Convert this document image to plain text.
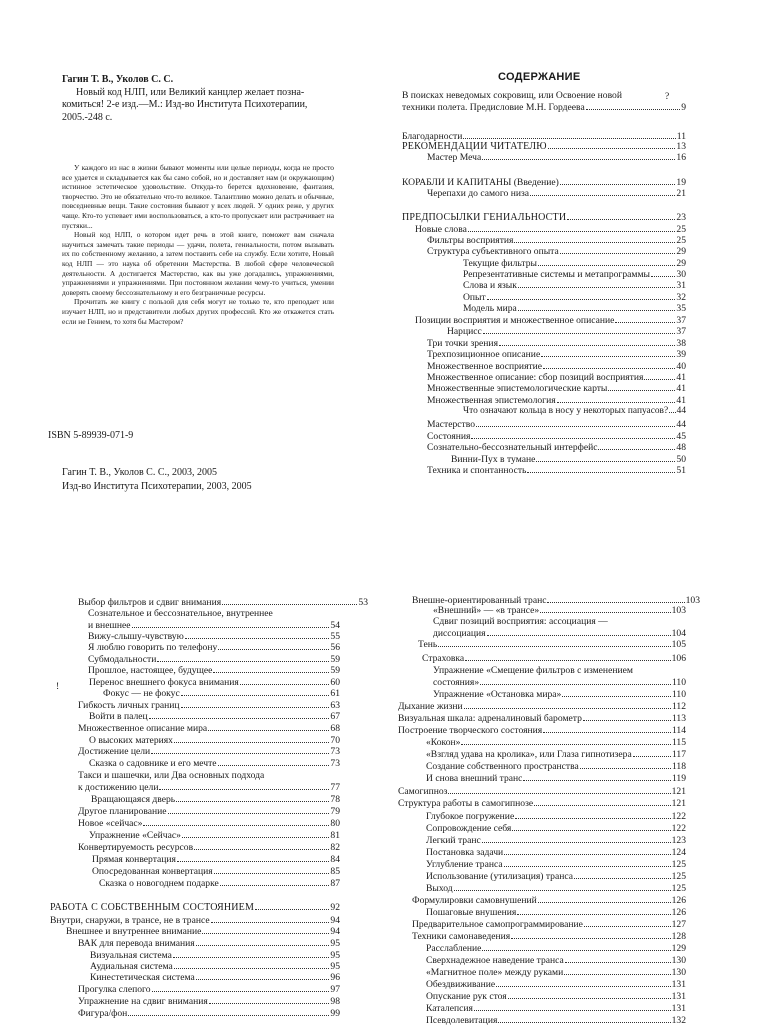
Гагин Т. В., Уколов С. С.

Новый код НЛП, или Великий канцлер желает позна-

комиться! 2-е изд.—М.: Изд-во Института Психотерапии,

2005.-248 с.

У каждого из нас в жизни бывают моменты или целые периоды, когда не просто все удается и складывается как бы само собой, но и доставляет нам (и окружающим) истинное эстетическое удовольствие. Откуда-то берется вдохновение, фантазия, творчество. Это не обязательно что-то великое. Талантливо можно делать и обычные, повседневные вещи. Такие состояния бывают у всех людей. У одних реже, у других чаще. Кто-то успевает ими воспользоваться, а кто-то пропускает или растрачивает на пустяки...

Новый код НЛП, о котором идет речь в этой книге, поможет вам сначала научиться замечать такие периоды — удачи, полета, гениальности, потом вызывать их по собственному желанию, а затем поставить себе на службу. Если хотите, Новый код НЛП — это наука об обретении Мастерства. В любой сфере человеческой деятельности. А достигается Мастерство, как вы уже догадались, упражнениями, упражнениями и упражнениями. При постоянном желании чему-то учиться, умении доверять своему бессознательному и его безграничные ресурсы.

Прочитать же книгу с пользой для себя могут не только те, кто преподает или изучает НЛП, но и представители любых других профессий. Кто же откажется стать если не Гением, то хотя бы Мастером?

ISBN 5-89939-071-9
Гагин Т. В., Уколов С. С., 2003, 2005
Изд-во Института Психотерапии, 2003, 2005
СОДЕРЖАНИЕ
В поисках неведомых сокровищ, или Освоение новой
техники полета. Предисловие М.Н. Гордеева	9
Благодарности	11
РЕКОМЕНДАЦИИ ЧИТАТЕЛЮ	13
Мастер Меча	16
КОРАБЛИ И КАПИТАНЫ (Введение)	19
Черепахи до самого низа	21
ПРЕДПОСЫЛКИ ГЕНИАЛЬНОСТИ	23
Новые слова	25
Фильтры восприятия	25
Структура субъективного опыта	29
Текущие фильтры	29
Репрезентативные системы и метапрограммы	30
Слова и язык	31
Опыт	32
Модель мира	35
Позиции восприятия и множественное описание	37
Нарцисс	37
Три точки зрения	38
Трехпозиционное описание	39
Множественное восприятие	40
Множественное описание: сбор позиций восприятия	41
Множественные эпистемологические карты	41
Множественная эпистемология	41
Что означают кольца в носу у некоторых папуасов? 44
Мастерство	44
Состояния	45
Сознательно-бессознательный интерфейс	48
Винни-Пух в тумане	50
Техника и спонтанность	51
?
Выбор фильтров и сдвиг внимания	53
Сознательное и бессознательное, внутреннее
и внешнее	54
Вижу-слышу-чувствую	55
Я люблю говорить по телефону	56
Субмодальности	59
Прошлое, настоящее, будущее	59
Перенос внешнего фокуса внимания	60
Фокус — не фокус	61
Гибкость личных границ	63
Войти в палец	67
Множественное описание мира	68
О высоких материях	70
Достижение цели	73
Сказка о садовнике и его мечте	73
Такси и шашечки, или Два основных подхода
к достижению цели	77
Вращающаяся дверь	78
Другое планирование	79
Новое «сейчас»	80
Упражнение «Сейчас»	81
Конвертируемость ресурсов	82
Прямая конвертация	84
Опосредованная конвертация	85
Сказка о новогоднем подарке	87
РАБОТА С СОБСТВЕННЫМ СОСТОЯНИЕМ	92
Внутри, снаружи, в трансе, не в трансе	94
Внешнее и внутреннее внимание	94
ВАК для перевода внимания	95
Визуальная система	95
Аудиальная система	95
Кинестетическая система	96
Прогулка слепого	97
Упражнение на сдвиг внимания	98
Фигура/фон	99
!
Внешне-ориентированный транс	103
«Внешний» — «в трансе»	103
Сдвиг позиций восприятия: ассоциация —
диссоциация	104
Тень	105
Страховка	106
Упражнение «Смещение фильтров с изменением
состояния»	110
Упражнение «Остановка мира»	110
Дыхание жизни	112
Визуальная шкала: адреналиновый барометр	113
Построение творческого состояния	114
«Кокон»	115
«Взгляд удава на кролика», или Глаза гипнотизера	117
Создание собственного пространства	118
И снова внешний транс	119
Самогипноз	121
Структура работы в самогипнозе	121
Глубокое погружение	122
Сопровождение себя	122
Легкий транс	123
Постановка задачи	124
Углубление транса	125
Использование (утилизация) транса	125
Выход	125
Формулировки самовнушений	126
Пошаговые внушения	126
Предварительное самопрограммирование	127
Техники самонаведения	128
Расслабление	129
Сверхнадежное наведение транса	130
«Магнитное поле» между руками	130
Обездвиживание	131
Опускание рук стоя	131
Каталепсия	131
Псевдолевитация	132
